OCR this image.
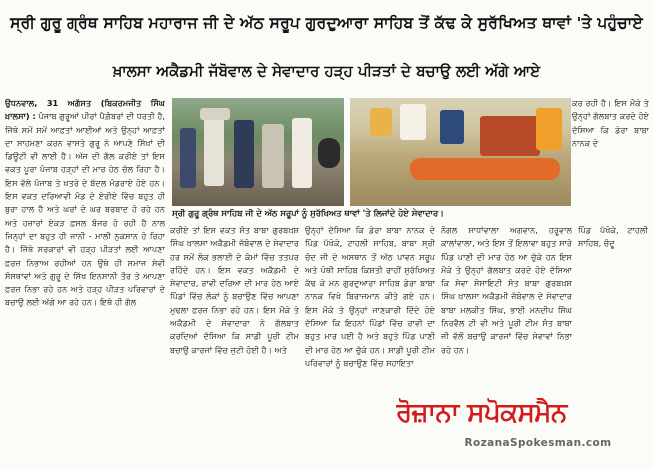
ਸ੍ਰੀ ਗੁਰੂ ਗ੍ਰੰਥ ਸਾਹਿਬ ਮਹਾਰਾਜ ਜੀ ਦੇ ਅੱਠ ਸਰੂਪ ਗੁਰਦੁਆਰਾ ਸਾਹਿਬ ਤੋਂ ਕੱਢ ਕੇ ਸੁਰੱਖਿਅਤ ਥਾਵਾਂ 'ਤੇ ਪਹੁੰਚਾਏ
ਖ਼ਾਲਸਾ ਅਕੈਡਮੀ ਜੱਬੋਵਾਲ ਦੇ ਸੇਵਾਦਾਰ ਹੜ੍ਹ ਪੀੜਤਾਂ ਦੇ ਬਚਾਉ ਲਈ ਅੱਗੇ ਆਏ

ਉਧਨਵਾਲ, 31 ਅਗੱਸਤ (ਬਿਕਰਮਜੀਤ ਸਿੰਘ ਖ਼ਾਲਸਾ) : ਪੰਜਾਬ ਗੁਰੂਆਂ ਪੀਰਾਂ ਪੈਗ਼ੰਬਰਾਂ ਦੀ ਧਰਤੀ ਹੈ, ਜਿੱਥੇ ਸਮੇਂ ਸਮੇਂ ਆਫ਼ਤਾਂ ਆਈਆਂ ਅਤੇ ਉਨ੍ਹਾਂ ਆਫ਼ਤਾਂ ਦਾ ਸਾਹਮਣਾ ਕਰਨ ਵਾਸਤੇ ਗੁਰੂ ਨੇ ਆਪਣੇ ਸਿੱਖਾਂ ਦੀ ਡਿਊਟੀ ਵੀ ਲਾਈ ਹੈ। ਅੱਜ ਦੀ ਗੱਲ ਕਰੀਏ ਤਾਂ ਇਸ ਵਕਤ ਪੂਰਾ ਪੰਜਾਬ ਹੜ੍ਹਾਂ ਦੀ ਮਾਰ ਹੇਠ ਚੱਲ ਰਿਹਾ ਹੈ। ਇਸ ਵੱਲੇ ਪੰਜਾਬ ਤੇ ਖਤਰੇ ਦੇ ਬੱਦਲ ਮੰਡਰਾਏ ਹੋਏ ਹਨ। ਇਸ ਵਕਤ ਦਰਿਆਵੀ ਮੰਡ ਦੇ ਏਰੀਏ ਵਿੱਚ ਬਹੁਤ ਹੀ ਬੁਰਾ ਹਾਲ ਹੈ ਅਤੇ ਘਰਾਂ ਦੇ ਘਰ ਬਰਬਾਦ ਹੋ ਰਹੇ ਹਨ ਅਤੇ ਹਜ਼ਾਰਾਂ ਏਕੜ ਫ਼ਸਲ ਬੰਜਰ ਹੋ ਰਹੀ ਹੈ ਨਾਲ ਜਿਨ੍ਹਾਂ ਦਾ ਬਹੁਤ ਹੀ ਜਾਨੀ - ਮਾਲੀ ਨੁਕਸਾਨ ਹੋ ਰਿਹਾ ਹੈ। ਜਿੱਥੇ ਸਰਕਾਰਾਂ ਵੀ ਹੜ੍ਹ ਪੀੜਤਾਂ ਲਈ ਆਪਣਾ ਫ਼ਰਜ਼ ਨਿਭਾਅ ਰਹੀਆਂ ਹਨ ਉਥੇ ਹੀ ਸਮਾਜ ਸੇਵੀ ਸੰਸਥਾਵਾਂ ਅਤੇ ਗੁਰੂ ਦੇ ਸਿੱਖ ਇਨਸਾਨੀ ਤੌਰ ਤੇ ਆਪਣਾ ਫ਼ਰਜ਼ ਨਿਭਾ ਰਹੇ ਹਨ ਅਤੇ ਹੜ੍ਹ ਪੀੜਤ ਪਰਿਵਾਰਾਂ ਦੇ ਬਚਾਉ ਲਈ ਅੱਗੇ ਆ ਰਹੇ ਹਨ। ਇਥੇ ਹੀ ਗੱਲ

ਸ੍ਰੀ ਗੁਰੂ ਗ੍ਰੰਥ ਸਾਹਿਬ ਜੀ ਦੇ ਅੱਠ ਸਰੂਪਾਂ ਨੂੰ ਸੁਰੱਖਿਅਤ ਥਾਵਾਂ 'ਤੇ ਲਿਜਾਂਦੇ ਹੋਏ ਸੇਵਾਦਾਰ।

ਕਰ ਰਹੀ ਹੈ। ਇਸ ਮੌਕੇ ਤੇ ਉਨ੍ਹਾਂ ਗੱਲਬਾਤ ਕਰਦੇ ਹੋਏ ਦੱਸਿਆ ਕਿ ਡੇਰਾ ਬਾਬਾ ਨਾਨਕ ਦੇ

ਕਰੀਏ ਤਾਂ ਇਸ ਵਕਤ ਸੰਤ ਬਾਬਾ ਗੁਰਬਖ਼ਸ਼ ਸਿੰਘ ਖ਼ਾਲਸਾ ਅਕੈਡਮੀ ਜੱਬੋਵਾਲ ਦੇ ਸੇਵਾਦਾਰ ਹਰ ਸਮੇਂ ਲੋਕ ਭਲਾਈ ਦੇ ਕੰਮਾਂ ਵਿੱਚ ਤਤਪਰ ਰਹਿੰਦੇ ਹਨ। ਇਸ ਵਕਤ ਅਕੈਡਮੀ ਦੇ ਸੇਵਾਦਾਰ, ਰਾਵੀ ਦਰਿਆ ਦੀ ਮਾਰ ਹੇਠ ਆਏ ਪਿੰਡਾਂ ਵਿੱਚ ਲੋਕਾਂ ਨੂੰ ਬਚਾਉਣ ਵਿੱਚ ਆਪਣਾ ਮੁਢਲਾ ਫ਼ਰਜ਼ ਨਿਭਾ ਰਹੇ ਹਨ। ਇਸ ਮੌਕੇ ਤੇ ਅਕੈਡਮੀ ਦੇ ਸੇਵਾਦਾਰਾ ਨੇ ਗੱਲਬਾਤ ਕਰਦਿਆਂ ਦੱਸਿਆ ਕਿ ਸਾਡੀ ਪੂਰੀ ਟੀਮ ਬਚਾਉ ਕਾਰਜਾਂ ਵਿੱਚ ਜੁਟੀ ਹੋਈ ਹੈ। ਅਤੇ

ਉਨ੍ਹਾਂ ਦੱਸਿਆ ਕਿ ਡੇਰਾ ਬਾਬਾ ਨਾਨਕ ਦੇ ਪਿੰਡ ਪੱਖੋਕੇ, ਟਾਹਲੀ ਸਾਹਿਬ, ਬਾਬਾ ਸ੍ਰੀ ਚੰਦ ਜੀ ਦੇ ਅਸਥਾਨ ਤੋਂ ਅੱਠ ਪਾਵਨ ਸਰੂਪ ਅਤੇ ਪੋਥੀ ਸਾਹਿਬ ਕਿਸ਼ਤੀ ਰਾਹੀਂ ਸੁਰੱਖਿਅਤ ਕੱਢ ਕੇ ਮਨ ਗੁਰਦੁਆਰਾ ਸਾਹਿਬ ਡੇਰਾ ਬਾਬਾ ਨਾਨਕ ਵਿਖੇ ਬਿਰਾਜਮਾਨ ਕੀਤੇ ਗਏ ਹਨ। ਇਸ ਮੌਕੇ ਤੇ ਉਨ੍ਹਾਂ ਜਾਣਕਾਰੀ ਦਿੰਦੇ ਹੋਏ ਦੱਸਿਆ ਕਿ ਇਹਨਾਂ ਪਿੰਡਾਂ ਵਿੱਚ ਰਾਵੀ ਦਾ ਬਹੁਤ ਮਾਰ ਪਈ ਹੈ ਅਤੇ ਬਹੁਤੇ ਪਿੰਡ ਪਾਣੀ ਦੀ ਮਾਰ ਹੇਠ ਆ ਚੁੱਕੇ ਹਨ। ਸਾਡੀ ਪੂਰੀ ਟੀਮ ਪਰਿਵਾਰਾਂ ਨੂੰ ਬਚਾਉਣ ਵਿੱਚ ਸਹਾਇਤਾ

ਨੰਗਲ ਸਾਧਾਂਵਾਲਾ ਅਗਵਾਨ, ਹਰੂਵਾਲ ਕਾਲਾਂਵਾਲਾ, ਅਤੇ ਇਸ ਤੋਂ ਇਲਾਵਾ ਬਹੁਤ ਸਾਰੇ ਪਿੰਡ ਪਾਣੀ ਦੀ ਮਾਰ ਹੇਠ ਆ ਚੁੱਕੇ ਹਨ ਇਸ ਮੌਕੇ ਤੇ ਉਨ੍ਹਾਂ ਗੱਲਬਾਤ ਕਰਦੇ ਹੋਏ ਦੱਸਿਆ ਕਿ ਸੇਵਾ ਸੋਸਾਇਟੀ ਸੰਤ ਬਾਬਾ ਗੁਰਬਖ਼ਸ਼ ਸਿੰਘ ਖ਼ਾਲਸਾ ਅਕੈਡਮੀ ਜੱਬੋਵਾਲ ਦੇ ਸੇਵਾਦਾਰ ਬਾਬਾ ਮਲਕੀਤ ਸਿੰਘ, ਭਾਈ ਮਨਦੀਪ ਸਿੰਘ ਨਿਰਵੈਲ ਟੀ ਵੀ ਅਤੇ ਪੂਰੀ ਟੀਮ ਸੰਤ ਬਾਬਾ ਜੀ ਵੱਲੋਂ ਬਚਾਉ ਕਾਰਜਾਂ ਵਿੱਚ ਸੇਵਾਵਾਂ ਨਿਭਾ ਰਹੇ ਹਨ।

ਪਿੰਡ ਪੱਖੋਕੇ, ਟਾਹਲੀ ਸਾਹਿਬ, ਚੰਦੂ

ਰੋਜ਼ਾਨਾ ਸਪੋਕਸਮੈਨ
RozanaSpokesman.com
